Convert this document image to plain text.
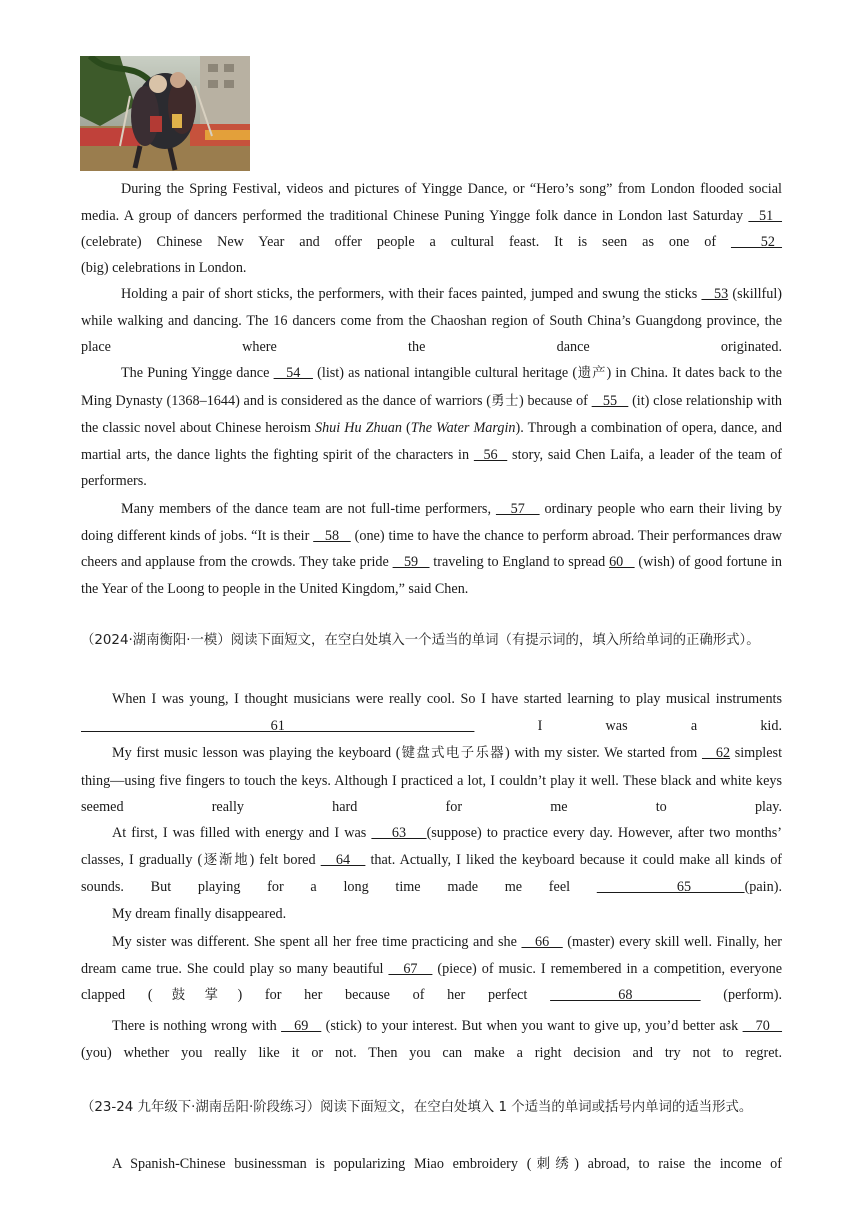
During the Spring Festival, videos and pictures of Yingge Dance, or “Hero’s song” from London flooded social media. A group of dancers performed the traditional Chinese Puning Yingge folk dance in London last Saturday   51   (celebrate) Chinese New Year and offer people a cultural feast. It is seen as one of   52

(big) celebrations in London.

Holding a pair of short sticks, the performers, with their faces painted, jumped and swung the sticks    53 (skillful) while walking and dancing. The 16 dancers come from the Chaoshan region of South China’s Guangdong province, the place where the dance originated.

The Puning Yingge dance    54    (list) as national intangible cultural heritage (遗产) in China. It dates back to the Ming Dynasty (1368–1644) and is considered as the dance of warriors (勇士) because of    55    (it) close relationship with the classic novel about Chinese heroism Shui Hu Zhuan (The Water Margin). Through a combination of opera, dance, and martial arts, the dance lights the fighting spirit of the characters in   56   story, said Chen Laifa, a leader of the team of performers.

Many members of the dance team are not full-time performers,    57    ordinary people who earn their living by doing different kinds of jobs. “It is their    58    (one) time to have the chance to perform abroad. Their performances draw cheers and applause from the crowds. They take pride    59    traveling to England to spread 60    (wish) of good fortune in the Year of the Loong to people in the United Kingdom,” said Chen.

（2024·湖南衡阳·一模）阅读下面短文，在空白处填入一个适当的单词（有提示词的，填入所给单词的正确形式）。

When I was young, I thought musicians were really cool. So I have started learning to play musical instruments    61    I was a kid.

My first music lesson was playing the keyboard (键盘式电子乐器) with my sister. We started from    62 simplest thing—using five fingers to touch the keys. Although I practiced a lot, I couldn’t play it well. These black and white keys seemed really hard for me to play.

At first, I was filled with energy and I was     63    (suppose) to practice every day. However, after two months’ classes, I gradually (逐渐地) felt bored    64    that. Actually, I liked the keyboard because it could make all kinds of sounds. But playing for a long time made me feel    65  (pain).

My dream finally disappeared.

My sister was different. She spent all her free time practicing and she    66    (master) every skill well. Finally, her dream came true. She could play so many beautiful    67    (piece) of music. I remembered in a competition, everyone clapped (鼓掌) for her because of her perfect    68    (perform).

There is nothing wrong with    69    (stick) to your interest. But when you want to give up, you’d better ask    70    (you) whether you really like it or not. Then you can make a right decision and try not to regret.

（23-24 九年级下·湖南岳阳·阶段练习）阅读下面短文，在空白处填入 1 个适当的单词或括号内单词的适当形式。

A Spanish-Chinese businessman is popularizing Miao embroidery (刺绣) abroad, to raise the income of
